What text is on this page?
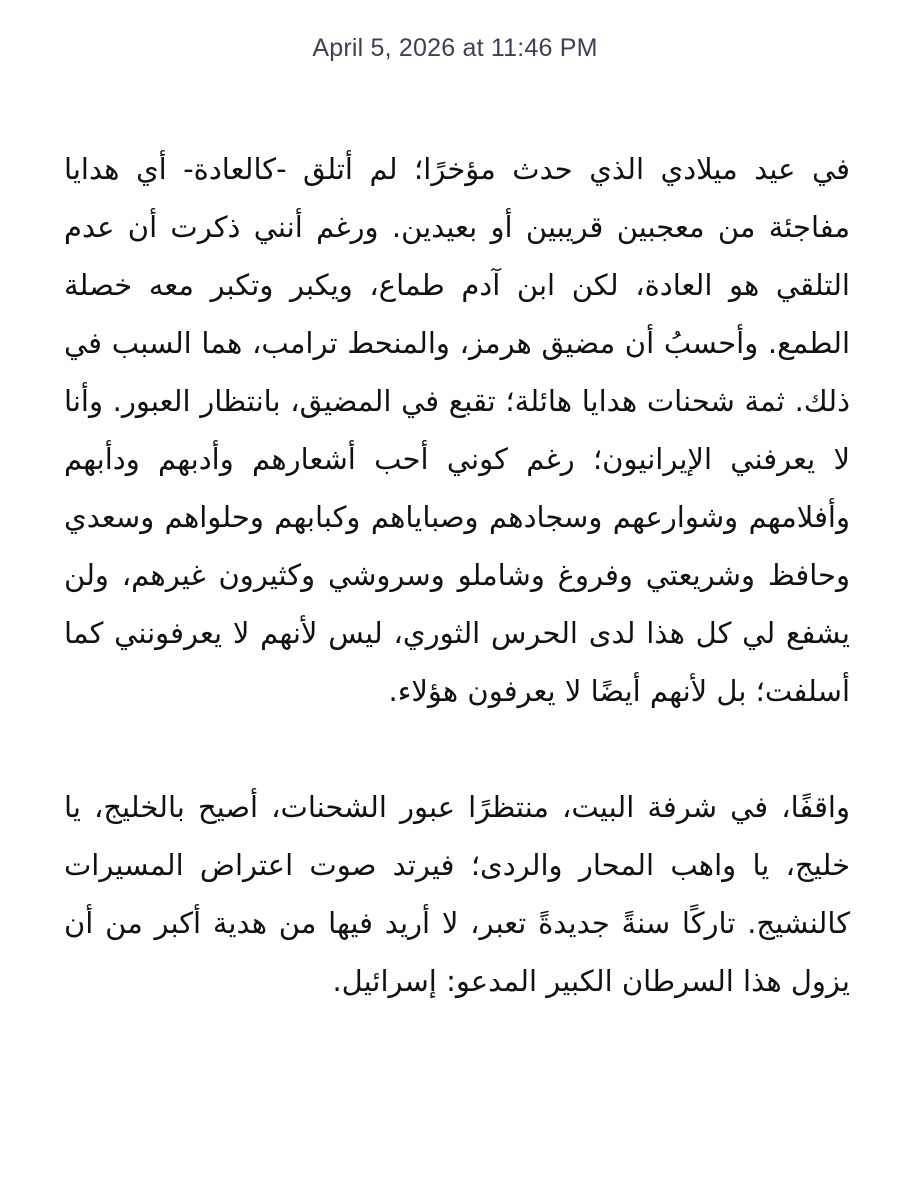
April 5, 2026 at 11:46 PM

في عيد ميلادي الذي حدث مؤخرًا؛ لم أتلق -كالعادة- أي هدايا مفاجئة من معجبين قريبين أو بعيدين. ورغم أنني ذكرت أن عدم التلقي هو العادة، لكن ابن آدم طماع، ويكبر وتكبر معه خصلة الطمع. وأحسبُ أن مضيق هرمز، والمنحط ترامب، هما السبب في ذلك. ثمة شحنات هدايا هائلة؛ تقبع في المضيق، بانتظار العبور. وأنا لا يعرفني الإيرانيون؛ رغم كوني أحب أشعارهم وأدبهم ودأبهم وأفلامهم وشوارعهم وسجادهم وصباياهم وكبابهم وحلواهم وسعدي وحافظ وشريعتي وفروغ وشاملو وسروشي وكثيرون غيرهم، ولن يشفع لي كل هذا لدى الحرس الثوري، ليس لأنهم لا يعرفونني كما أسلفت؛ بل لأنهم أيضًا لا يعرفون هؤلاء.

واقفًا، في شرفة البيت، منتظرًا عبور الشحنات، أصيح بالخليج، يا خليج، يا واهب المحار والردى؛ فيرتد صوت اعتراض المسيرات كالنشيج. تاركًا سنةً جديدةً تعبر، لا أريد فيها من هدية أكبر من أن يزول هذا السرطان الكبير المدعو: إسرائيل.
